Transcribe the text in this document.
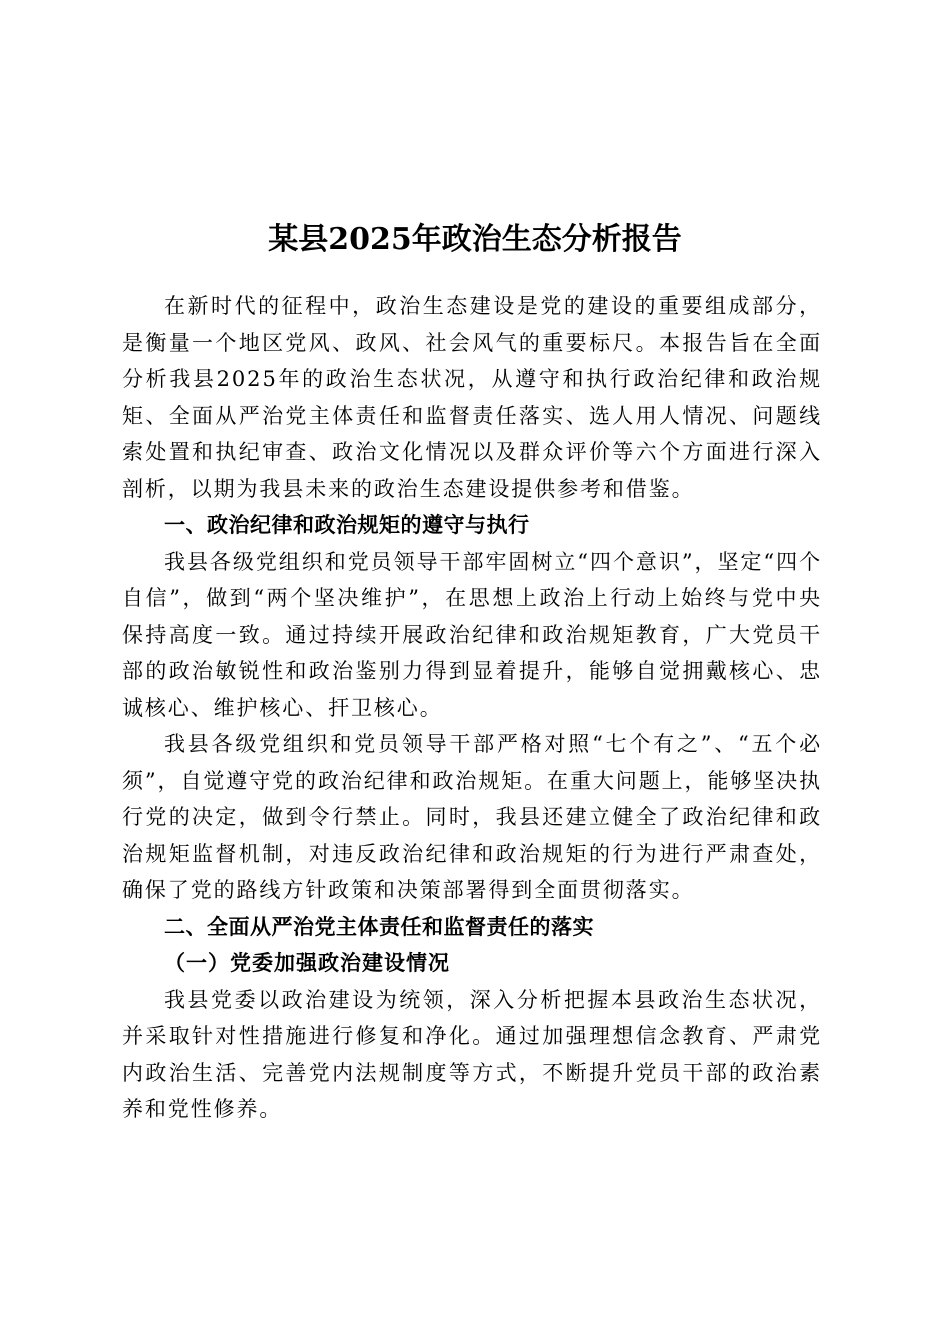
某县2025年政治生态分析报告

在新时代的征程中，政治生态建设是党的建设的重要组成部分，是衡量一个地区党风、政风、社会风气的重要标尺。本报告旨在全面分析我县2025年的政治生态状况，从遵守和执行政治纪律和政治规矩、全面从严治党主体责任和监督责任落实、选人用人情况、问题线索处置和执纪审查、政治文化情况以及群众评价等六个方面进行深入剖析，以期为我县未来的政治生态建设提供参考和借鉴。

一、政治纪律和政治规矩的遵守与执行

我县各级党组织和党员领导干部牢固树立“四个意识”，坚定“四个自信”，做到“两个坚决维护”，在思想上政治上行动上始终与党中央保持高度一致。通过持续开展政治纪律和政治规矩教育，广大党员干部的政治敏锐性和政治鉴别力得到显着提升，能够自觉拥戴核心、忠诚核心、维护核心、扞卫核心。

我县各级党组织和党员领导干部严格对照“七个有之”、“五个必须”，自觉遵守党的政治纪律和政治规矩。在重大问题上，能够坚决执行党的决定，做到令行禁止。同时，我县还建立健全了政治纪律和政治规矩监督机制，对违反政治纪律和政治规矩的行为进行严肃查处，确保了党的路线方针政策和决策部署得到全面贯彻落实。

二、全面从严治党主体责任和监督责任的落实

（一）党委加强政治建设情况

我县党委以政治建设为统领，深入分析把握本县政治生态状况，并采取针对性措施进行修复和净化。通过加强理想信念教育、严肃党内政治生活、完善党内法规制度等方式，不断提升党员干部的政治素养和党性修养。
